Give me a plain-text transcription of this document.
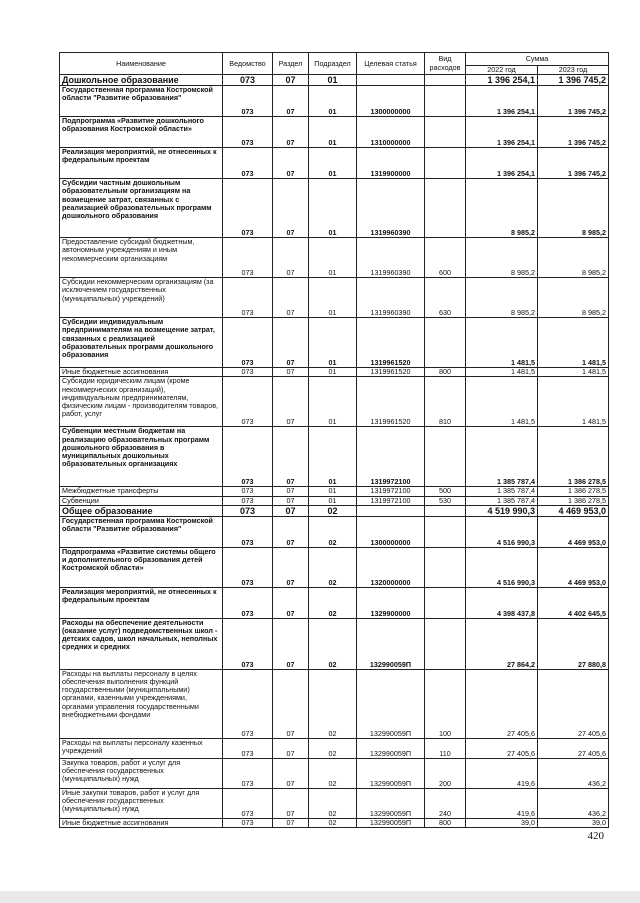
Наименование	Ведомство	Раздел	Подраздел	Целевая статья	Вид расходов	Сумма	
						2022 год	2023 год
Дошкольное образование	073	07	01			1 396 254,1	1 396 745,2
Государственная программа Костромской области "Развитие образования"	073	07	01	1300000000		1 396 254,1	1 396 745,2
Подпрограмма «Развитие дошкольного образования Костромской области»	073	07	01	1310000000		1 396 254,1	1 396 745,2
Реализация мероприятий, не отнесенных к федеральным проектам	073	07	01	1319900000		1 396 254,1	1 396 745,2
Субсидии частным дошкольным образовательным организациям на возмещение затрат, связанных с реализацией образовательных программ дошкольного образования	073	07	01	1319960390		8 985,2	8 985,2
Предоставление субсидий бюджетным, автономным учреждениям и иным некоммерческим организациям	073	07	01	1319960390	600	8 985,2	8 985,2
Субсидии некоммерческим организациям (за исключением государственных (муниципальных) учреждений)	073	07	01	1319960390	630	8 985,2	8 985,2
Субсидии индивидуальным предпринимателям на возмещение затрат, связанных с реализацией образовательных программ дошкольного образования	073	07	01	1319961520		1 481,5	1 481,5
Иные бюджетные ассигнования	073	07	01	1319961520	800	1 481,5	1 481,5
Субсидии юридическим лицам (кроме некоммерческих организаций), индивидуальным предпринимателям, физическим лицам - производителям товаров, работ, услуг	073	07	01	1319961520	810	1 481,5	1 481,5
Субвенции местным бюджетам на реализацию образовательных программ дошкольного образования в муниципальных дошкольных образовательных организациях	073	07	01	1319972100		1 385 787,4	1 386 278,5
Межбюджетные трансферты	073	07	01	1319972100	500	1 385 787,4	1 386 278,5
Субвенции	073	07	01	1319972100	530	1 385 787,4	1 386 278,5
Общее образование	073	07	02			4 519 990,3	4 469 953,0
Государственная программа Костромской области "Развитие образования"	073	07	02	1300000000		4 516 990,3	4 469 953,0
Подпрограмма «Развитие системы общего и дополнительного образования детей Костромской области»	073	07	02	1320000000		4 516 990,3	4 469 953,0
Реализация мероприятий, не отнесенных к федеральным проектам	073	07	02	1329900000		4 398 437,8	4 402 645,5
Расходы на обеспечение деятельности (оказание услуг) подведомственных школ - детских садов, школ начальных, неполных средних и средних	073	07	02	132990059П		27 864,2	27 880,8
Расходы на выплаты персоналу в целях обеспечения выполнения функций государственными (муниципальными) органами, казенными учреждениями, органами управления государственными внебюджетными фондами	073	07	02	132990059П	100	27 405,6	27 405,6
Расходы на выплаты персоналу казенных учреждений	073	07	02	132990059П	110	27 405,6	27 405,6
Закупка товаров, работ и услуг для обеспечения государственных (муниципальных) нужд	073	07	02	132990059П	200	419,6	436,2
Иные закупки товаров, работ и услуг для обеспечения государственных (муниципальных) нужд	073	07	02	132990059П	240	419,6	436,2
Иные бюджетные ассигнования	073	07	02	132990059П	800	39,0	39,0
420
